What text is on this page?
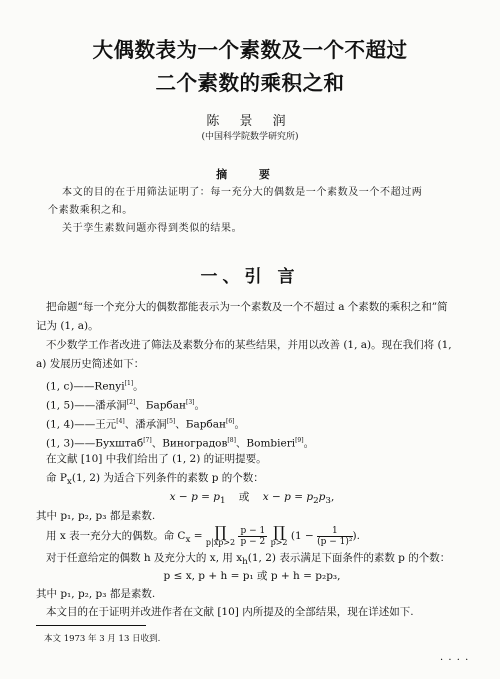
大偶数表为一个素数及一个不超过
二个素数的乘积之和
陈 景 润
(中国科学院数学研究所)
摘 要
本文的目的在于用筛法证明了：每一充分大的偶数是一个素数及一个不超过两
个素数乘积之和。
关于孪生素数问题亦得到类似的结果。
一、引 言
把命题“每一个充分大的偶数都能表示为一个素数及一个不超过 a 个素数的乘积之和”简
记为 (1, a)。
不少数学工作者改进了筛法及素数分布的某些结果，并用以改善 (1, a)。现在我们将 (1,
a) 发展历史简述如下：
(1, c)——Renyi[1]。
(1, 5)——潘承洞[2]、Барбан[3]。
(1, 4)——王元[4]、潘承洞[5]、Барбан[6]。
(1, 3)——Бухштаб[7]、Виноградов[8]、Bombieri[9]。
在文献 [10] 中我们给出了 (1, 2) 的证明提要。
命 $P_x(1$, 2) 为适合下列条件的素数 p 的个数：
$x - p = p_1$ 或 $x - p = p_2p_3$,
其中 p₁, p₂, p₃ 都是素数.
用 x 表一充分大的偶数。命 $C_x$ = ∏
$p|xp>2 \frac{p - 1}{p - 2}$
∏
p>2 ($1 - \frac{1}{\text{(p − 1)²}}$ ).
对于任意给定的偶数 h 及充分大的 x, 用 $x_h(1$, 2) 表示满足下面条件的素数 p 的个数：
p ≤ x, p + h = p₁ 或 p + h = p₂p₃,
其中 p₁, p₂, p₃ 都是素数.
本文目的在于证明并改进作者在文献 [10] 内所提及的全部结果，现在详述如下.
本文 1973 年 3 月 13 日收到.
· · · ·
